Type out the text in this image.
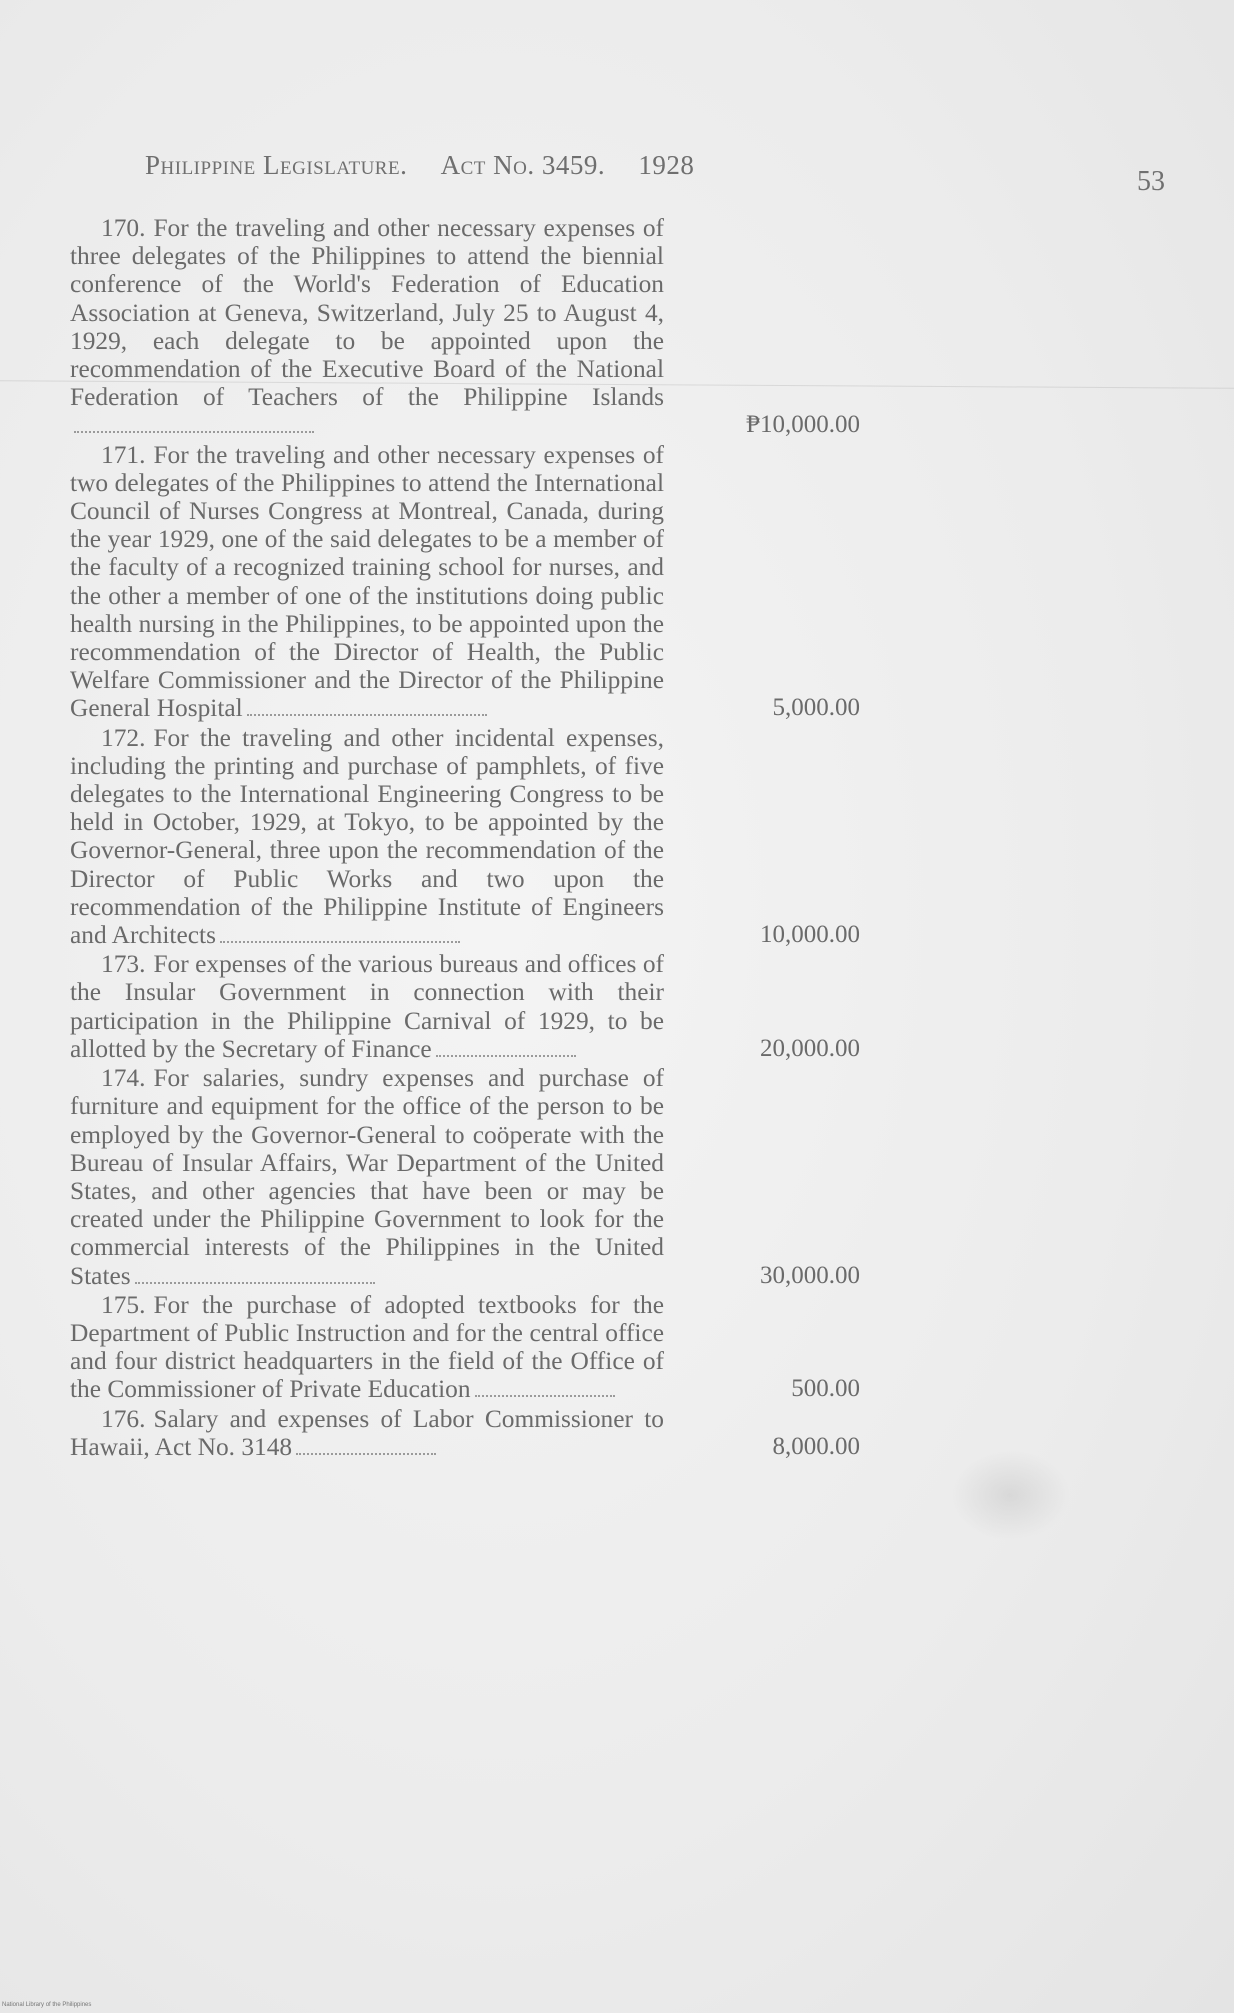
Philippine Legislature. Act No. 3459. 1928
53
170. For the traveling and other necessary expenses of three delegates of the Philippines to attend the biennial conference of the World's Federation of Education Association at Geneva, Switzerland, July 25 to August 4, 1929, each delegate to be appointed upon the recommendation of the Executive Board of the National Federation of Teachers of the Philippine Islands
₱10,000.00
171. For the traveling and other necessary expenses of two delegates of the Philippines to attend the International Council of Nurses Congress at Montreal, Canada, during the year 1929, one of the said delegates to be a member of the faculty of a recognized training school for nurses, and the other a member of one of the institutions doing public health nursing in the Philippines, to be appointed upon the recommendation of the Director of Health, the Public Welfare Commissioner and the Director of the Philippine General Hospital	5,000.00
172. For the traveling and other incidental expenses, including the printing and purchase of pamphlets, of five delegates to the International Engineering Congress to be held in October, 1929, at Tokyo, to be appointed by the Governor-General, three upon the recommendation of the Director of Public Works and two upon the recommendation of the Philippine Institute of Engineers and Architects	10,000.00
173. For expenses of the various bureaus and offices of the Insular Government in connection with their participation in the Philippine Carnival of 1929, to be allotted by the Secretary of Finance	20,000.00
174. For salaries, sundry expenses and purchase of furniture and equipment for the office of the person to be employed by the Governor-General to coöperate with the Bureau of Insular Affairs, War Department of the United States, and other agencies that have been or may be created under the Philippine Government to look for the commercial interests of the Philippines in the United States	30,000.00
175. For the purchase of adopted textbooks for the Department of Public Instruction and for the central office and four district headquarters in the field of the Office of the Commissioner of Private Education	500.00
176. Salary and expenses of Labor Commissioner to Hawaii, Act No. 3148	8,000.00
National Library of the Philippines
